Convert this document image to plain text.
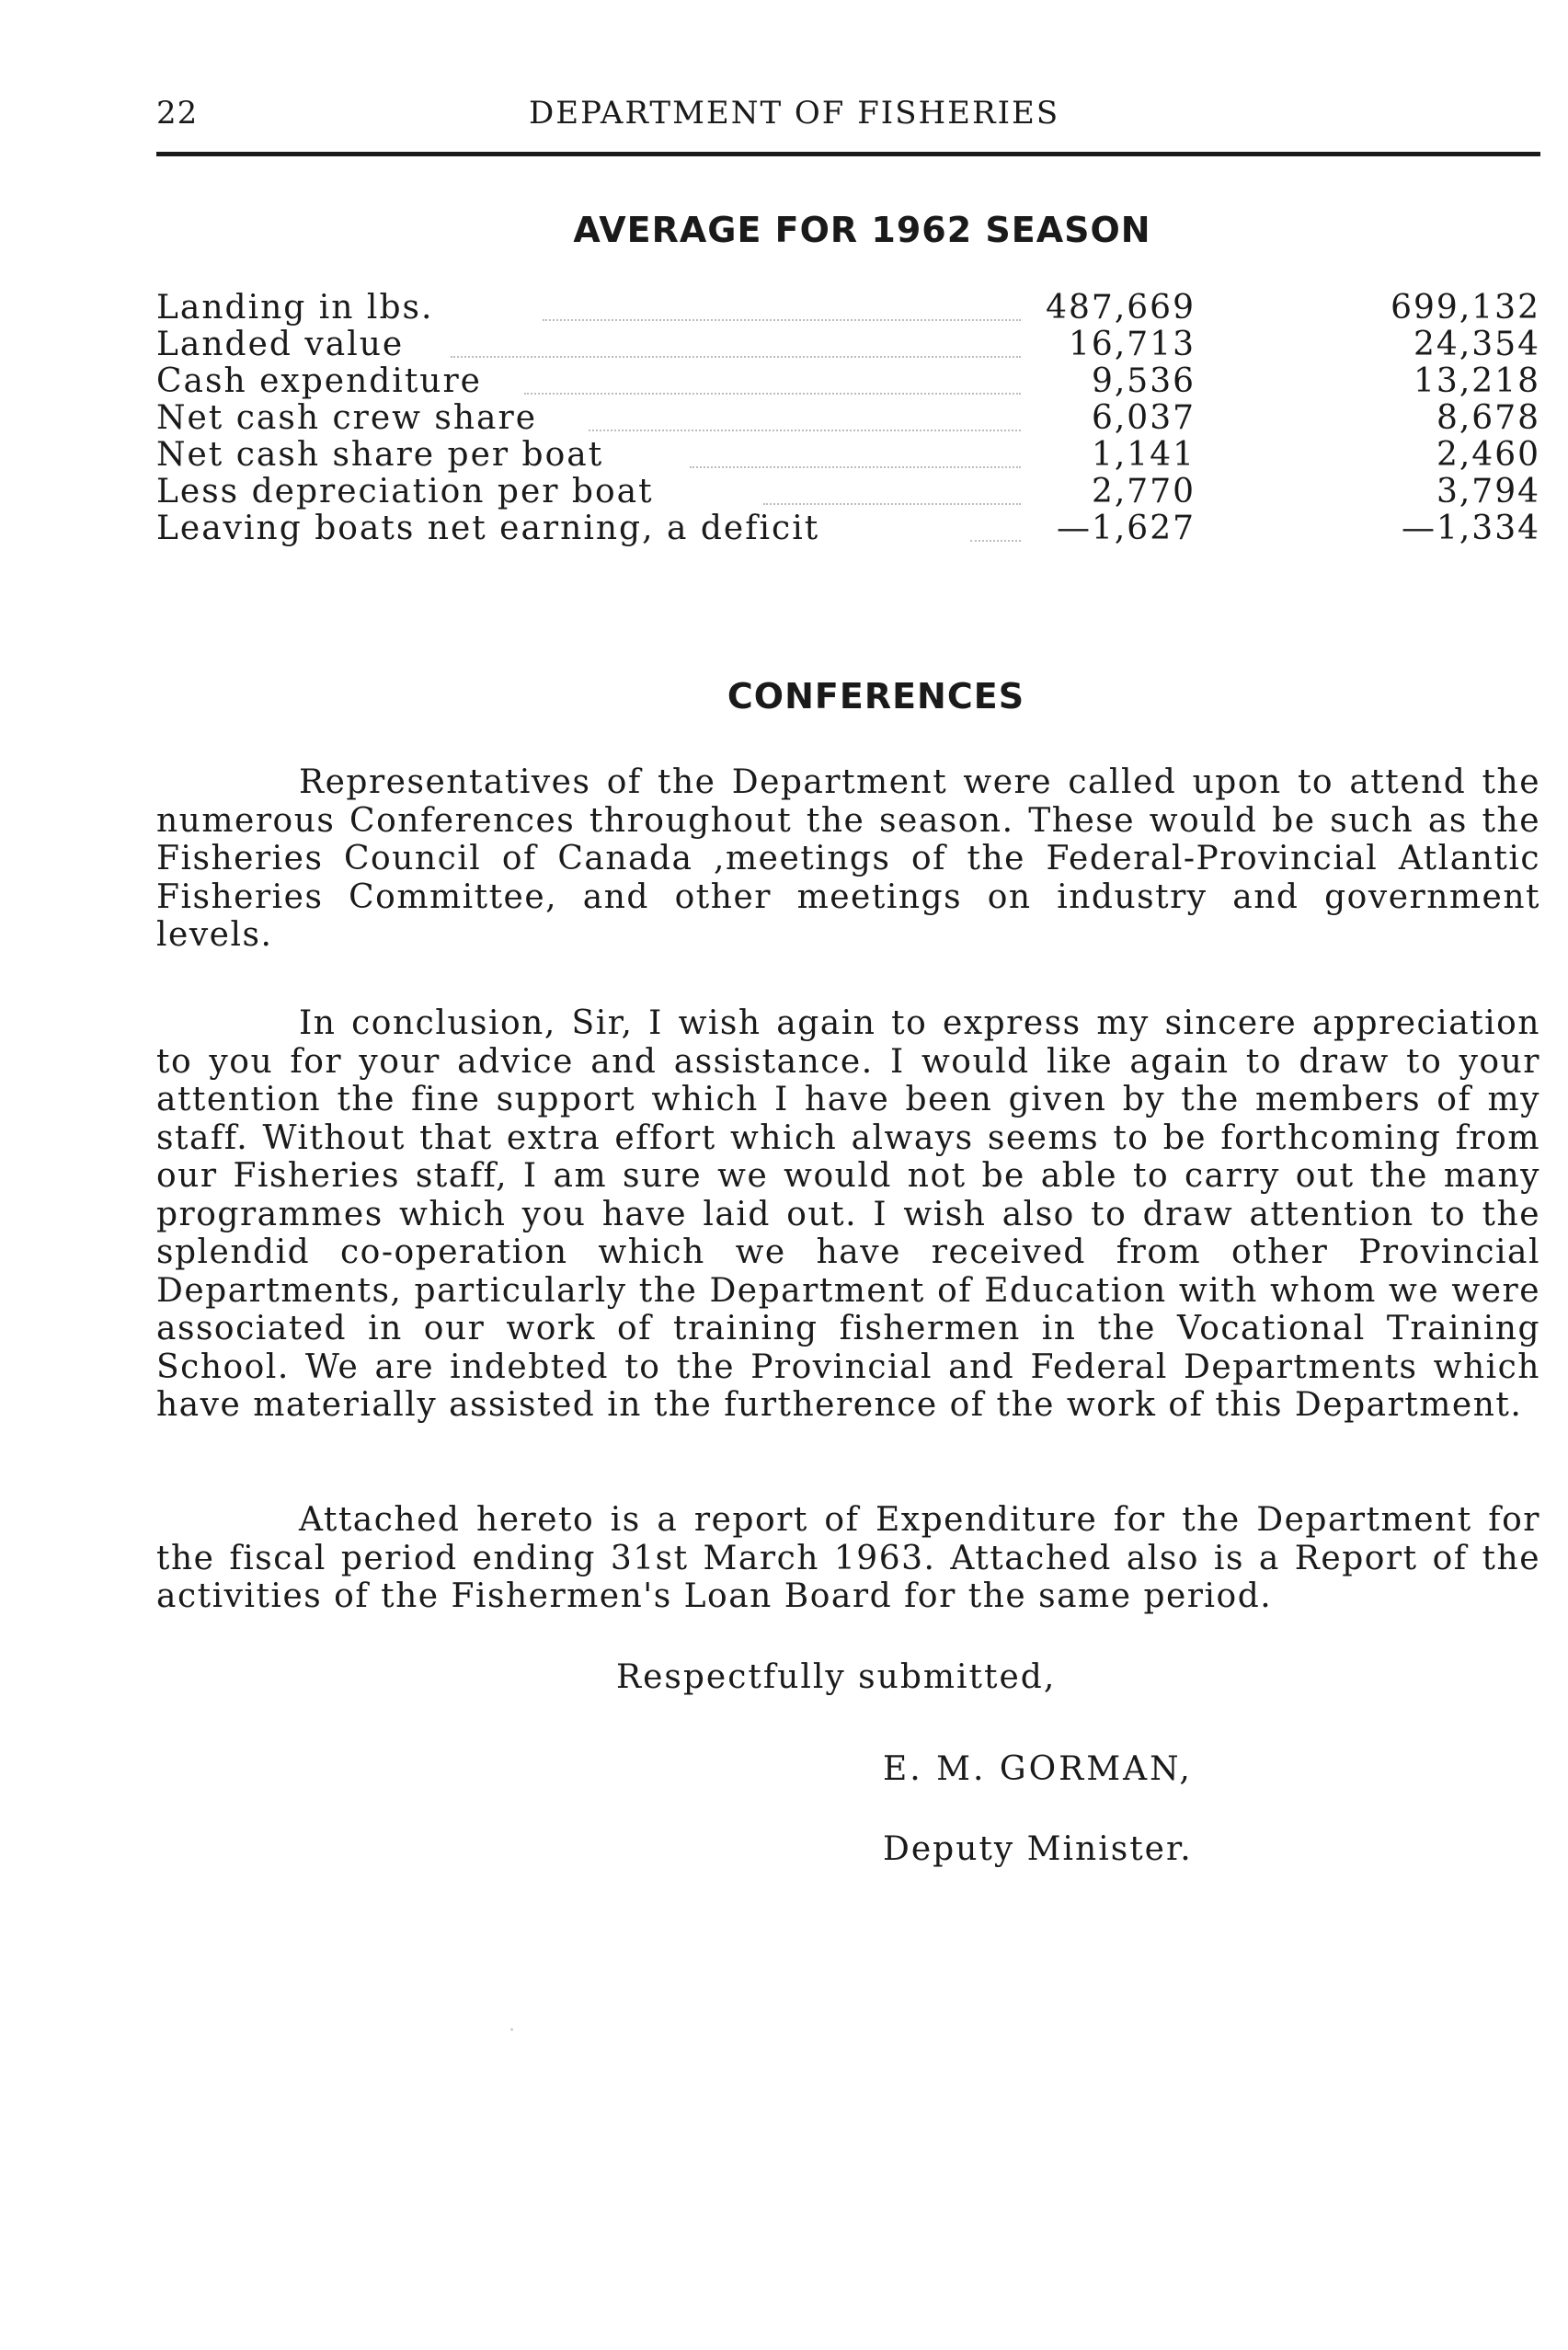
22	DEPARTMENT OF FISHERIES
AVERAGE FOR 1962 SEASON
Landing in lbs.	487,669	699,132
Landed value	16,713	24,354
Cash expenditure	9,536	13,218
Net cash crew share	6,037	8,678
Net cash share per boat	1,141	2,460
Less depreciation per boat	2,770	3,794
Leaving boats net earning, a deficit	—1,627	—1,334
CONFERENCES

Representatives of the Department were called upon to attend the numerous Conferences throughout the season. These would be such as the Fisheries Council of Canada ,meetings of the Federal-Provincial Atlantic Fisheries Committee, and other meetings on industry and government levels.

In conclusion, Sir, I wish again to express my sincere appreciation to you for your advice and assistance. I would like again to draw to your attention the fine support which I have been given by the members of my staff. Without that extra effort which always seems to be forthcoming from our Fisheries staff, I am sure we would not be able to carry out the many programmes which you have laid out. I wish also to draw attention to the splendid co-operation which we have received from other Provincial Departments, particularly the Department of Education with whom we were associated in our work of training fishermen in the Vocational Training School. We are indebted to the Provincial and Federal Departments which have materially assisted in the furtherence of the work of this Department.

Attached hereto is a report of Expenditure for the Department for the fiscal period ending 31st March 1963. Attached also is a Report of the activities of the Fishermen's Loan Board for the same period.

Respectfully submitted,
E. M. GORMAN,
Deputy Minister.
